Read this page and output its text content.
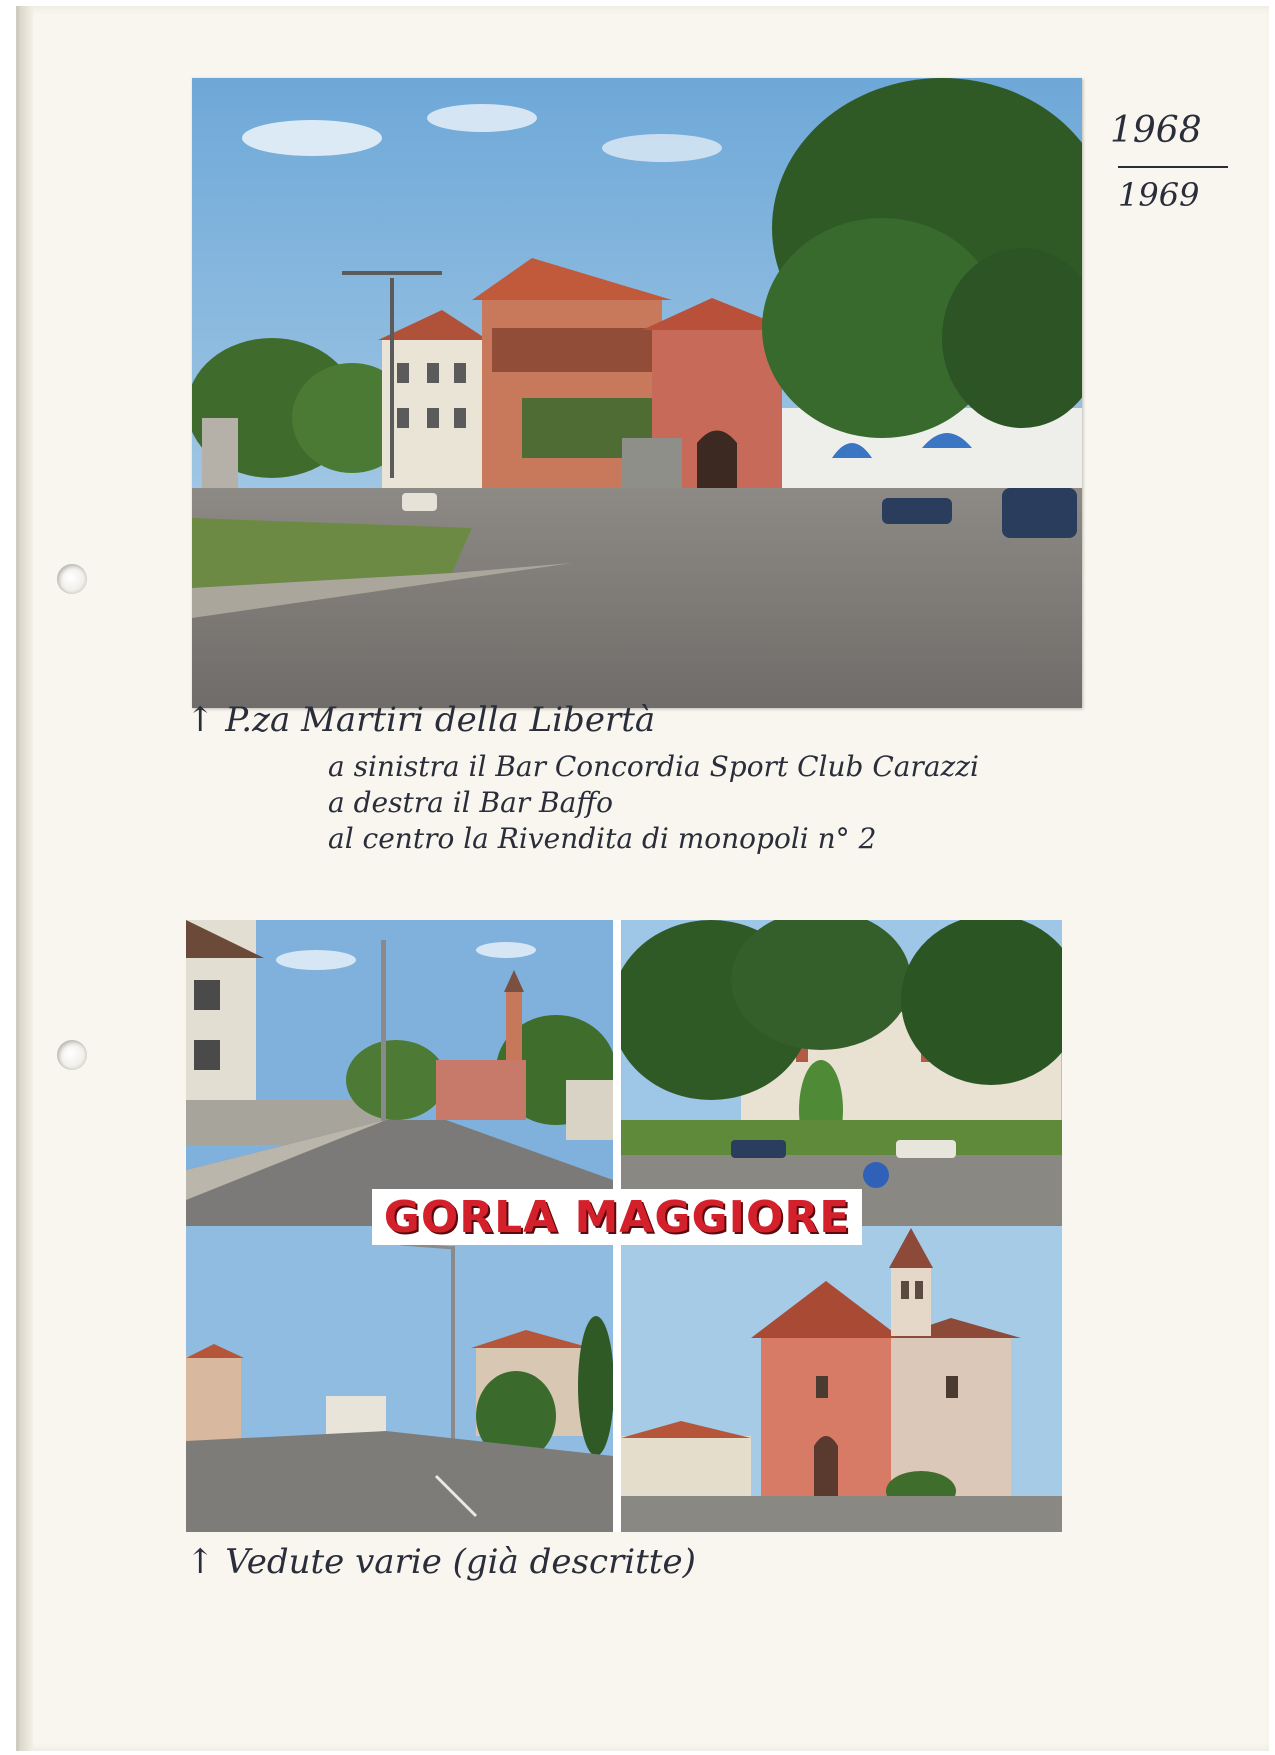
1968
1969
↑ P.za Martiri della Libertà
a sinistra il Bar Concordia Sport Club Carazzi
a destra il Bar Baffo
al centro la Rivendita di monopoli n° 2
GORLA MAGGIORE
↑ Vedute varie (già descritte)
